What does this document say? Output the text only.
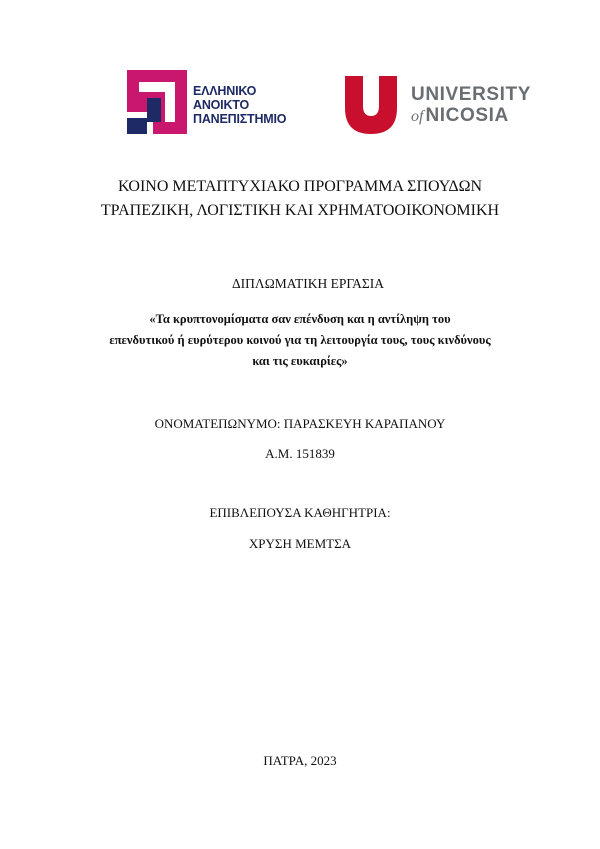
ΕΛΛΗΝΙΚΟ
ΑΝΟΙΚΤΟ
ΠΑΝΕΠΙΣΤΗΜΙΟ
UNIVERSITY
of NICOSIA
ΚΟΙΝΟ ΜΕΤΑΠΤΥΧΙΑΚΟ ΠΡΟΓΡΑΜΜΑ ΣΠΟΥΔΩΝ
ΤΡΑΠΕΖΙΚΗ, ΛΟΓΙΣΤΙΚΗ ΚΑΙ ΧΡΗΜΑΤΟΟΙΚΟΝΟΜΙΚΗ
ΔΙΠΛΩΜΑΤΙΚΗ ΕΡΓΑΣΙΑ
«Τα κρυπτονομίσματα σαν επένδυση και η αντίληψη του
επενδυτικού ή ευρύτερου κοινού για τη λειτουργία τους, τους κινδύνους
και τις ευκαιρίες»
ΟΝΟΜΑΤΕΠΩΝΥΜΟ: ΠΑΡΑΣΚΕΥΗ ΚΑΡΑΠΑΝΟΥ
Α.Μ. 151839
ΕΠΙΒΛΕΠΟΥΣΑ ΚΑΘΗΓΗΤΡΙΑ:
ΧΡΥΣΗ ΜΕΜΤΣΑ
ΠΑΤΡΑ, 2023
